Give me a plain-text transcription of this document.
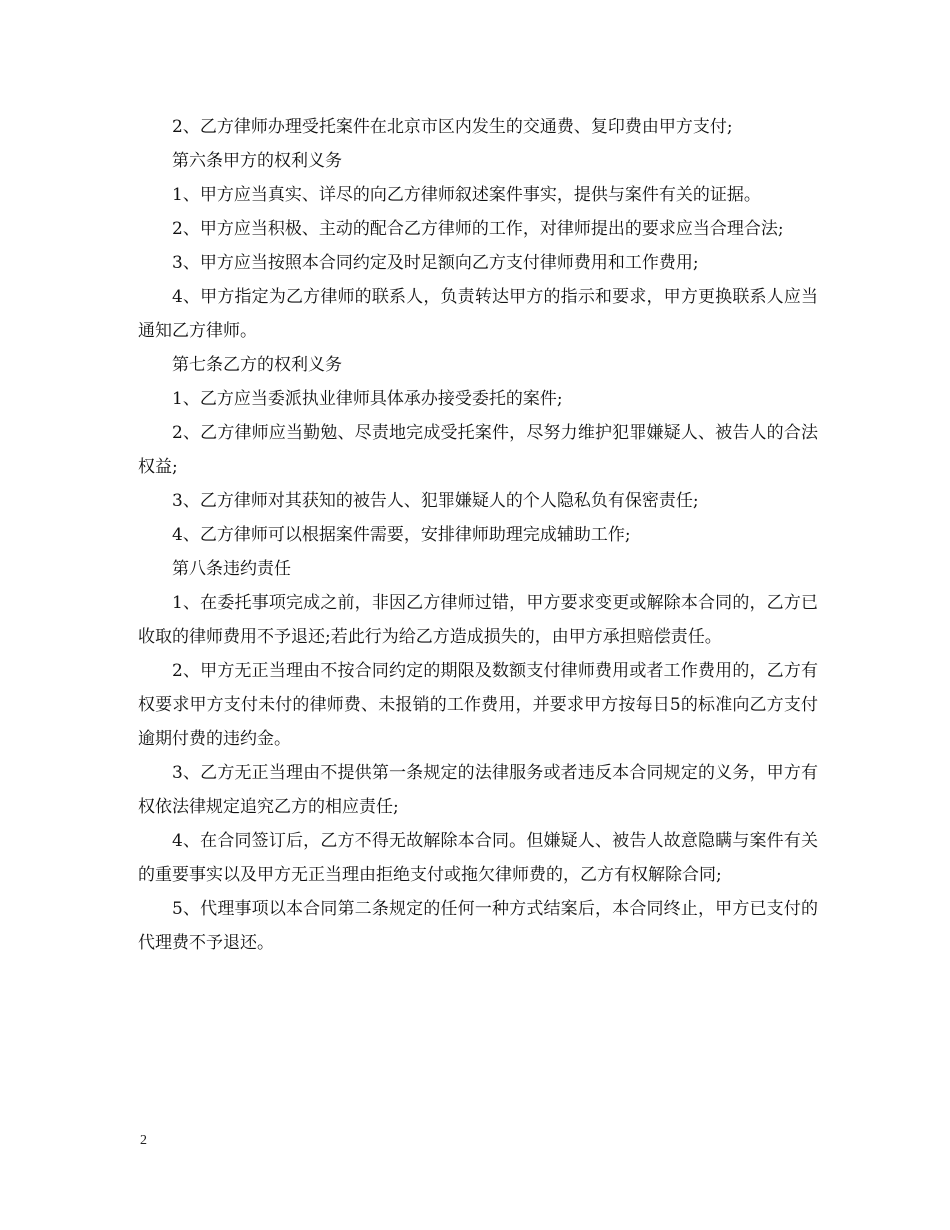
2、乙方律师办理受托案件在北京市区内发生的交通费、复印费由甲方支付;

第六条甲方的权利义务

1、甲方应当真实、详尽的向乙方律师叙述案件事实，提供与案件有关的证据。

2、甲方应当积极、主动的配合乙方律师的工作，对律师提出的要求应当合理合法;

3、甲方应当按照本合同约定及时足额向乙方支付律师费用和工作费用;

4、甲方指定为乙方律师的联系人，负责转达甲方的指示和要求，甲方更换联系人应当通知乙方律师。

第七条乙方的权利义务

1、乙方应当委派执业律师具体承办接受委托的案件;

2、乙方律师应当勤勉、尽责地完成受托案件，尽努力维护犯罪嫌疑人、被告人的合法权益;

3、乙方律师对其获知的被告人、犯罪嫌疑人的个人隐私负有保密责任;

4、乙方律师可以根据案件需要，安排律师助理完成辅助工作;

第八条违约责任

1、在委托事项完成之前，非因乙方律师过错，甲方要求变更或解除本合同的，乙方已收取的律师费用不予退还;若此行为给乙方造成损失的，由甲方承担赔偿责任。

2、甲方无正当理由不按合同约定的期限及数额支付律师费用或者工作费用的，乙方有权要求甲方支付未付的律师费、未报销的工作费用，并要求甲方按每日5的标准向乙方支付逾期付费的违约金。

3、乙方无正当理由不提供第一条规定的法律服务或者违反本合同规定的义务，甲方有权依法律规定追究乙方的相应责任;

4、在合同签订后，乙方不得无故解除本合同。但嫌疑人、被告人故意隐瞒与案件有关的重要事实以及甲方无正当理由拒绝支付或拖欠律师费的，乙方有权解除合同;

5、代理事项以本合同第二条规定的任何一种方式结案后，本合同终止，甲方已支付的代理费不予退还。

2
